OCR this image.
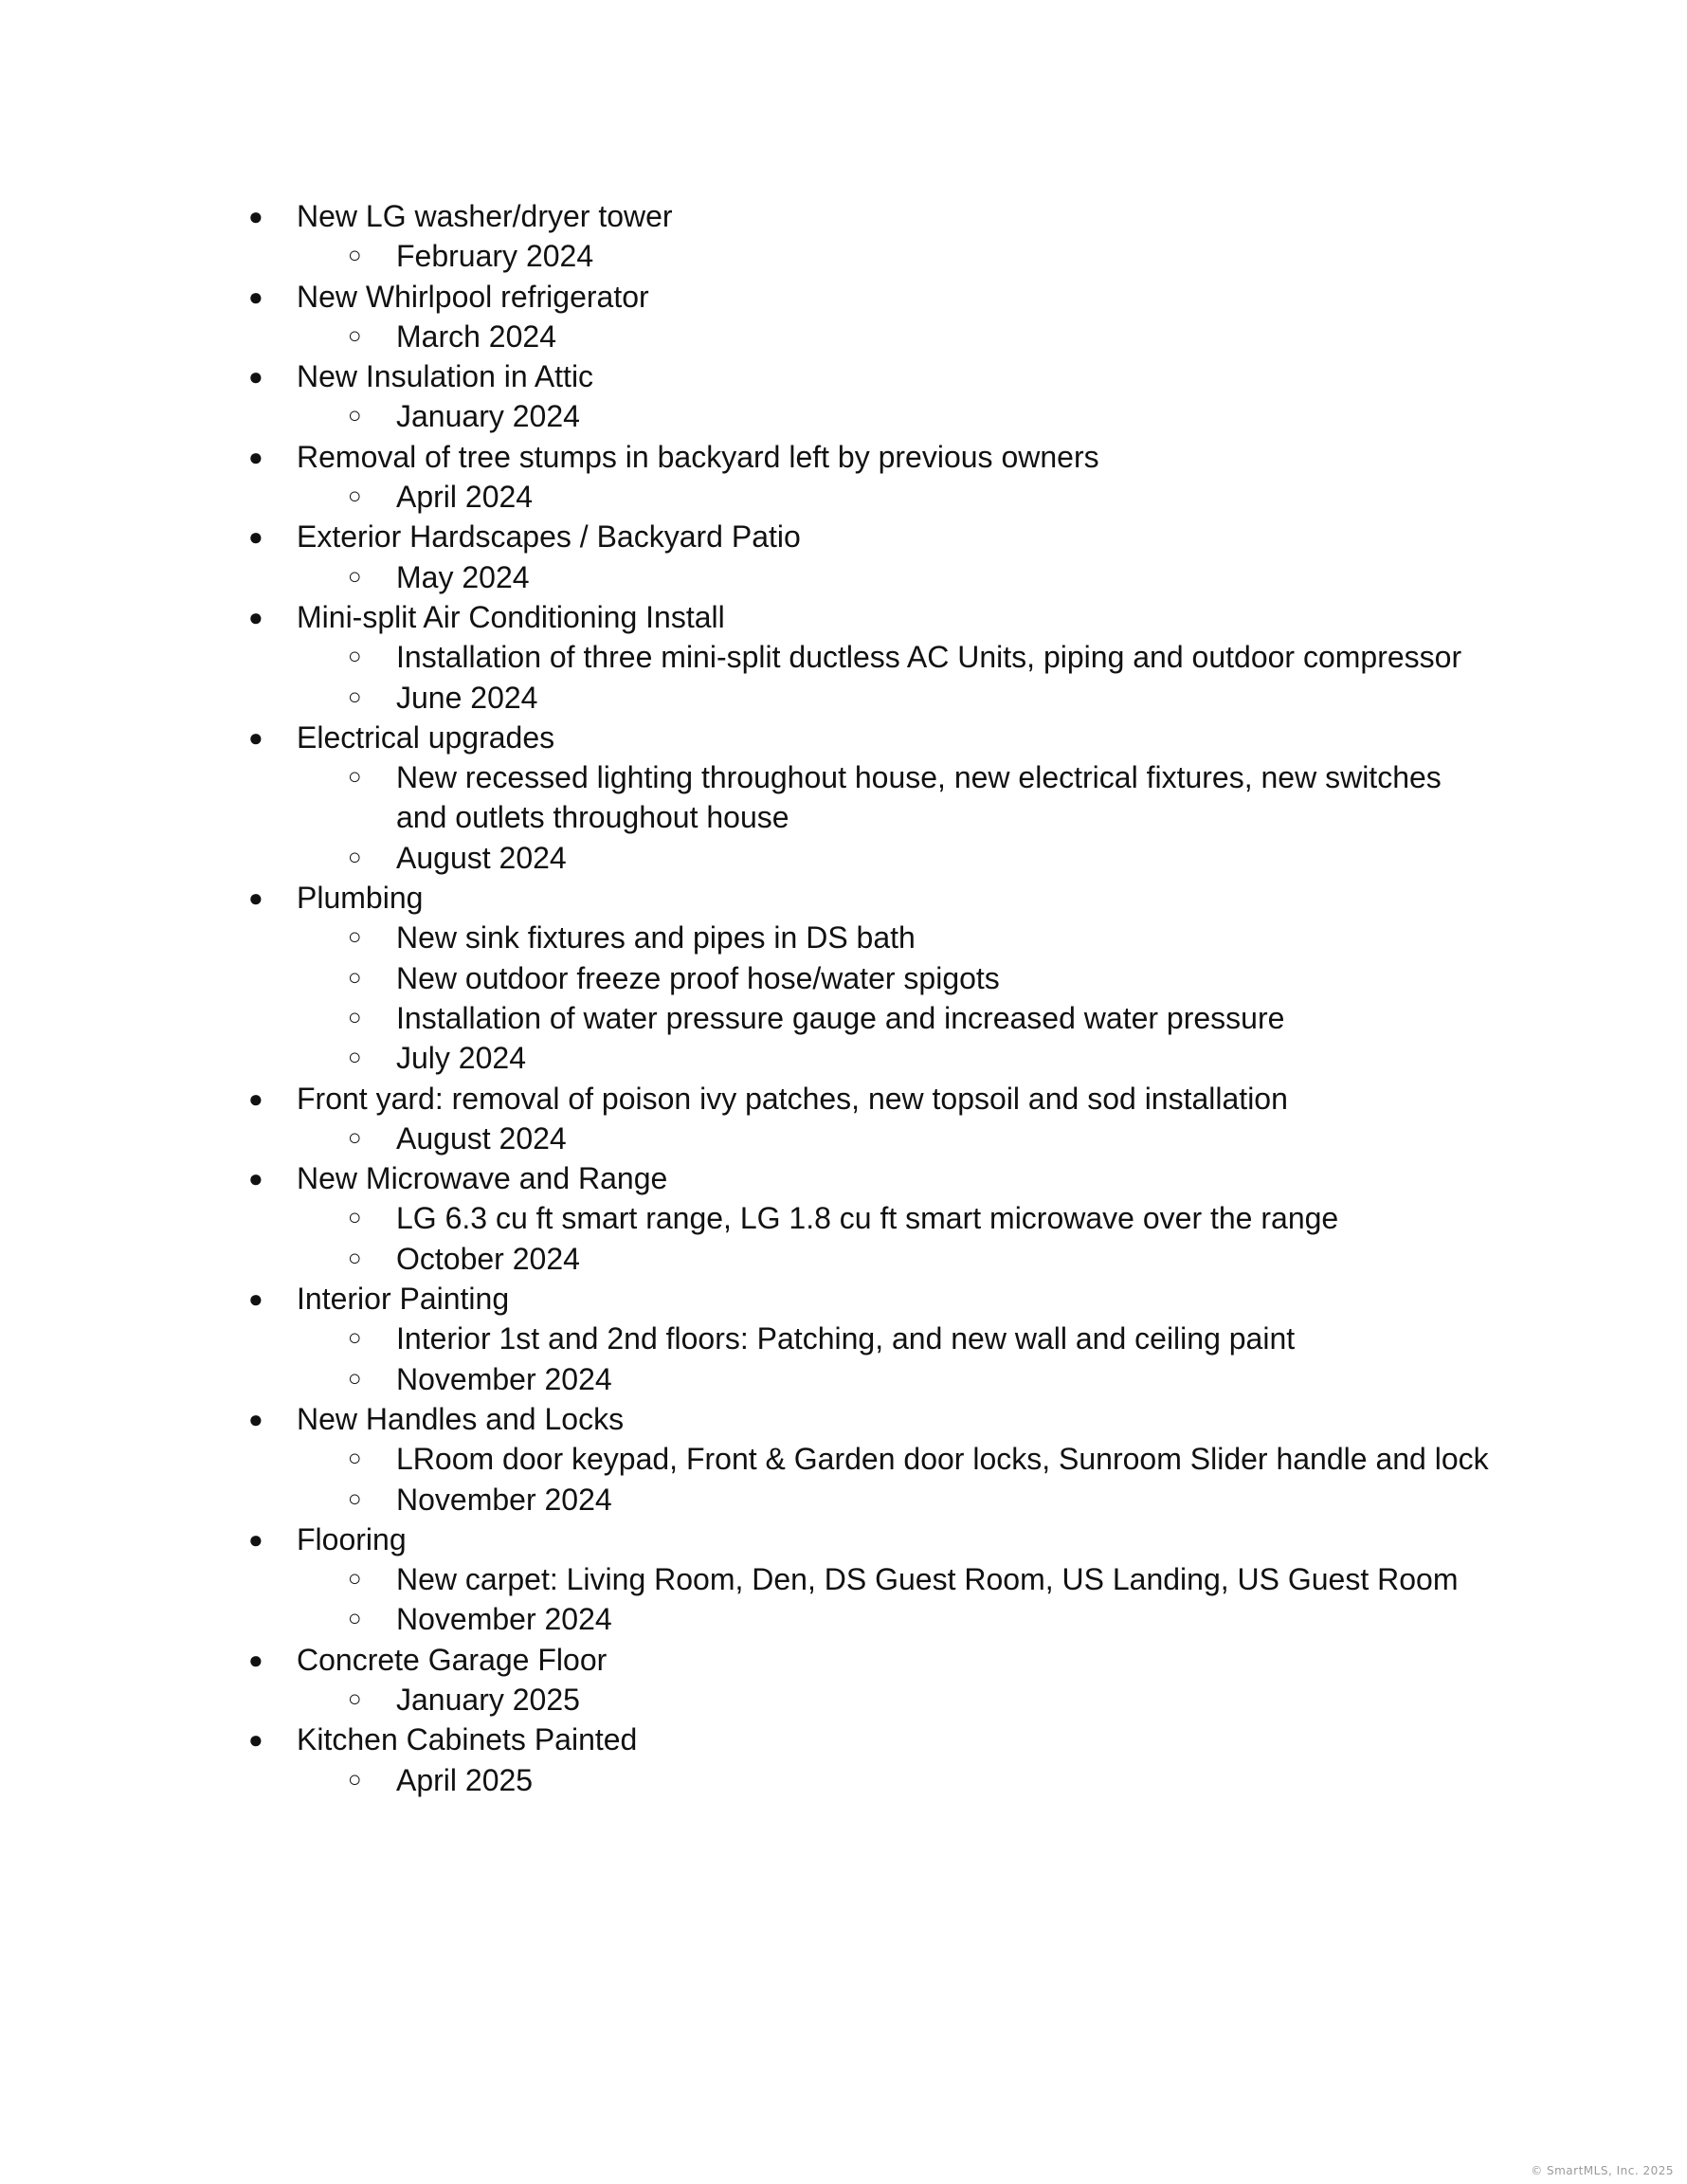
● New LG washer/dryer tower
○ February 2024
● New Whirlpool refrigerator
○ March 2024
● New Insulation in Attic
○ January 2024
● Removal of tree stumps in backyard left by previous owners
○ April 2024
● Exterior Hardscapes / Backyard Patio
○ May 2024
● Mini-split Air Conditioning Install
○ Installation of three mini-split ductless AC Units, piping and outdoor compressor
○ June 2024
● Electrical upgrades
○ New recessed lighting throughout house, new electrical fixtures, new switches and outlets throughout house
○ August 2024
● Plumbing
○ New sink fixtures and pipes in DS bath
○ New outdoor freeze proof hose/water spigots
○ Installation of water pressure gauge and increased water pressure
○ July 2024
● Front yard: removal of poison ivy patches, new topsoil and sod installation
○ August 2024
● New Microwave and Range
○ LG 6.3 cu ft smart range, LG 1.8 cu ft smart microwave over the range
○ October 2024
● Interior Painting
○ Interior 1st and 2nd floors: Patching, and new wall and ceiling paint
○ November 2024
● New Handles and Locks
○ LRoom door keypad, Front & Garden door locks, Sunroom Slider handle and lock
○ November 2024
● Flooring
○ New carpet: Living Room, Den, DS Guest Room, US Landing, US Guest Room
○ November 2024
● Concrete Garage Floor
○ January 2025
● Kitchen Cabinets Painted
○ April 2025
© SmartMLS, Inc. 2025
